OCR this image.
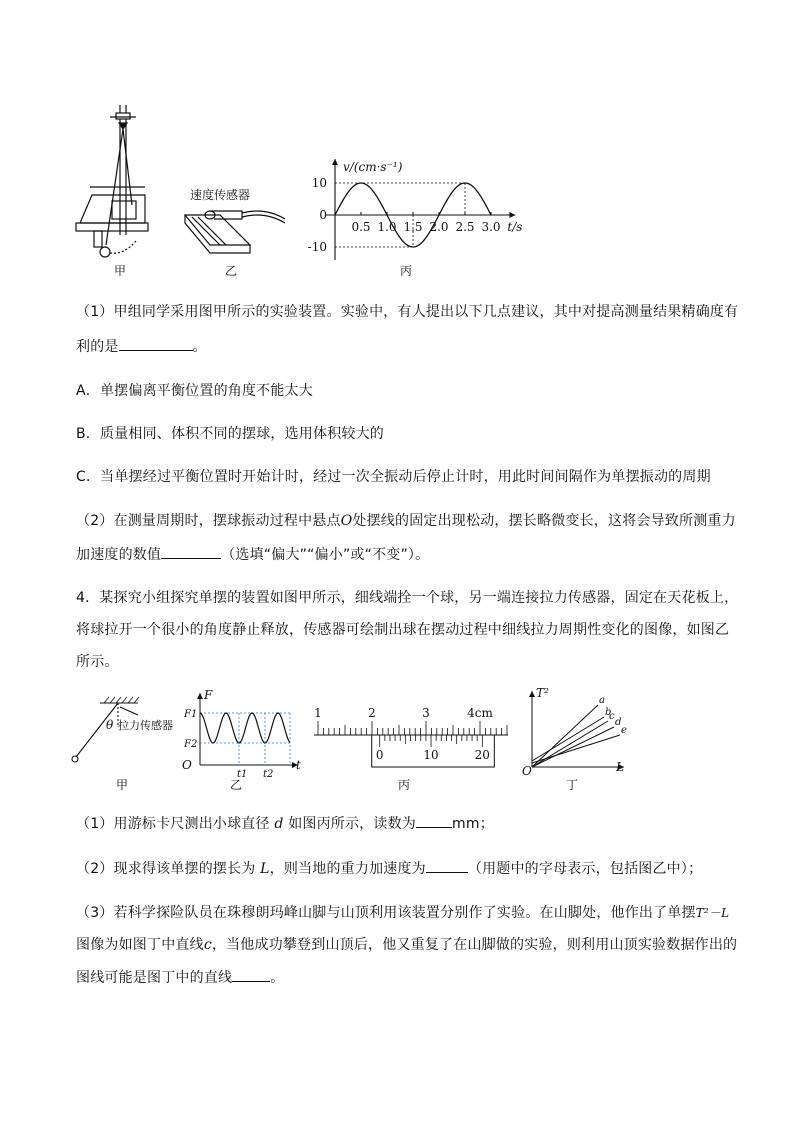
甲
速度传感器
乙
v/(cm·s⁻¹)
t/s
10
0
-10
0.5 1.0 1.5 2.0 2.5 3.0
丙
（1）甲组同学采用图甲所示的实验装置。实验中，有人提出以下几点建议，其中对提高测量结果精确度有
利的是	。
A．单摆偏离平衡位置的角度不能太大
B．质量相同、体积不同的摆球，选用体积较大的
C．当单摆经过平衡位置时开始计时，经过一次全振动后停止计时，用此时间间隔作为单摆振动的周期
（2）在测量周期时，摆球振动过程中悬点O处摆线的固定出现松动，摆长略微变长，这将会导致所测重力
加速度的数值	（选填“偏大”“偏小”或“不变”）。
4．某探究小组探究单摆的装置如图甲所示，细线端拴一个球，另一端连接拉力传感器，固定在天花板上，
将球拉开一个很小的角度静止释放，传感器可绘制出球在摆动过程中细线拉力周期性变化的图像，如图乙
所示。
θ 拉力传感器
甲
F
t
O
F1
F2
t1 t2
乙
1	2	3	4cm
0	10	20
丙
T²
L
O
a
b
c
d
e
丁
（1）用游标卡尺测出小球直径 d 如图丙所示，读数为	mm；
（2）现求得该单摆的摆长为 L，则当地的重力加速度为	（用题中的字母表示，包括图乙中）；
（3）若科学探险队员在珠穆朗玛峰山脚与山顶利用该装置分别作了实验。在山脚处，他作出了单摆T²－L
图像为如图丁中直线c，当他成功攀登到山顶后，他又重复了在山脚做的实验，则利用山顶实验数据作出的
图线可能是图丁中的直线	。
